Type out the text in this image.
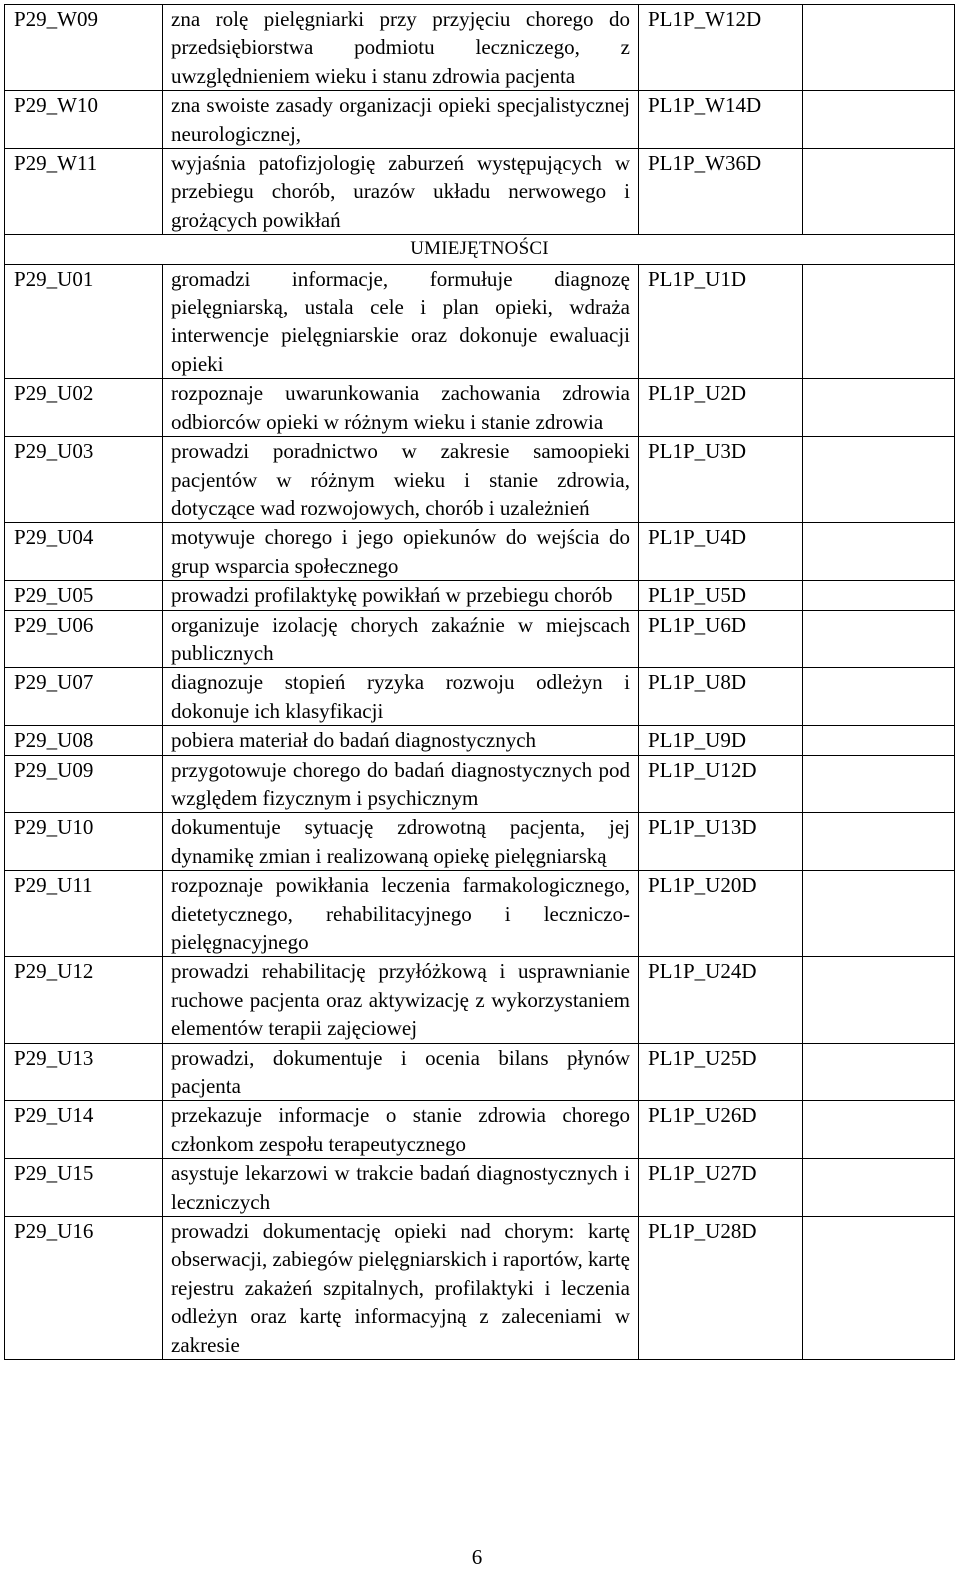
P29_W09	zna rolę pielęgniarki przy przyjęciu chorego do przedsiębiorstwa podmiotu leczniczego, z uwzględnieniem wieku i stanu zdrowia pacjenta	PL1P_W12D	
P29_W10	zna swoiste zasady organizacji opieki specjalistycznej neurologicznej,	PL1P_W14D	
P29_W11	wyjaśnia patofizjologię zaburzeń występujących w przebiegu chorób, urazów układu nerwowego i grożących powikłań	PL1P_W36D	
UMIEJĘTNOŚCI			
P29_U01	gromadzi informacje, formułuje diagnozę pielęgniarską, ustala cele i plan opieki, wdraża interwencje pielęgniarskie oraz dokonuje ewaluacji opieki	PL1P_U1D	
P29_U02	rozpoznaje uwarunkowania zachowania zdrowia odbiorców opieki w różnym wieku i stanie zdrowia	PL1P_U2D	
P29_U03	prowadzi poradnictwo w zakresie samoopieki pacjentów w różnym wieku i stanie zdrowia, dotyczące wad rozwojowych, chorób i uzależnień	PL1P_U3D	
P29_U04	motywuje chorego i jego opiekunów do wejścia do grup wsparcia społecznego	PL1P_U4D	
P29_U05	prowadzi profilaktykę powikłań w przebiegu chorób	PL1P_U5D	
P29_U06	organizuje izolację chorych zakaźnie w miejscach publicznych	PL1P_U6D	
P29_U07	diagnozuje stopień ryzyka rozwoju odleżyn i dokonuje ich klasyfikacji	PL1P_U8D	
P29_U08	pobiera materiał do badań diagnostycznych	PL1P_U9D	
P29_U09	przygotowuje chorego do badań diagnostycznych pod względem fizycznym i psychicznym	PL1P_U12D	
P29_U10	dokumentuje sytuację zdrowotną pacjenta, jej dynamikę zmian i realizowaną opiekę pielęgniarską	PL1P_U13D	
P29_U11	rozpoznaje powikłania leczenia farmakologicznego, dietetycznego, rehabilitacyjnego i leczniczo-pielęgnacyjnego	PL1P_U20D	
P29_U12	prowadzi rehabilitację przyłóżkową i usprawnianie ruchowe pacjenta oraz aktywizację z wykorzystaniem elementów terapii zajęciowej	PL1P_U24D	
P29_U13	prowadzi, dokumentuje i ocenia bilans płynów pacjenta	PL1P_U25D	
P29_U14	przekazuje informacje o stanie zdrowia chorego członkom zespołu terapeutycznego	PL1P_U26D	
P29_U15	asystuje lekarzowi w trakcie badań diagnostycznych i leczniczych	PL1P_U27D	
P29_U16	prowadzi dokumentację opieki nad chorym: kartę obserwacji, zabiegów pielęgniarskich i raportów, kartę rejestru zakażeń szpitalnych, profilaktyki i leczenia odleżyn oraz kartę informacyjną z zaleceniami w zakresie	PL1P_U28D	
6
